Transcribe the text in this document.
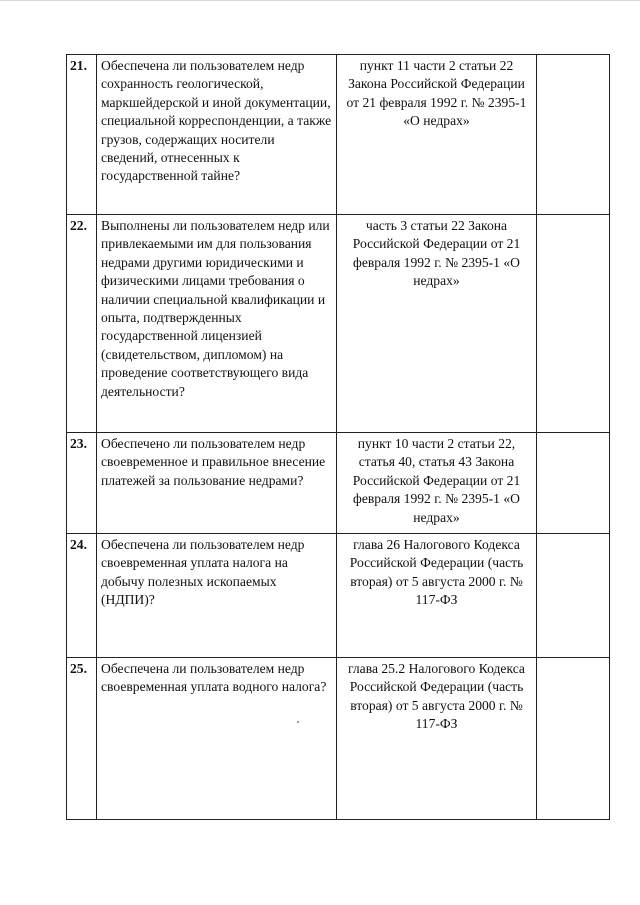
21.	Обеспечена ли пользователем недр сохранность геологической, маркшейдерской и иной документации, специальной корреспонденции, а также грузов, содержащих носители сведений, отнесенных к государственной тайне?	пункт 11 части 2 статьи 22 Закона Российской Федерации от 21 февраля 1992 г. № 2395-1 «О недрах»	
22.	Выполнены ли пользователем недр или привлекаемыми им для пользования недрами другими юридическими и физическими лицами требования о наличии специальной квалификации и опыта, подтвержденных государственной лицензией (свидетельством, дипломом) на проведение соответствующего вида деятельности?	часть 3 статьи 22 Закона Российской Федерации от 21 февраля 1992 г. № 2395-1 «О недрах»	
23.	Обеспечено ли пользователем недр своевременное и правильное внесение платежей за пользование недрами?	пункт 10 части 2 статьи 22, статья 40, статья 43 Закона Российской Федерации от 21 февраля 1992 г. № 2395-1 «О недрах»	
24.	Обеспечена ли пользователем недр своевременная уплата налога на добычу полезных ископаемых (НДПИ)?	глава 26 Налогового Кодекса Российской Федерации (часть вторая) от 5 августа 2000 г. № 117-ФЗ	
25.	Обеспечена ли пользователем недр своевременная уплата водного налога?	глава 25.2 Налогового Кодекса Российской Федерации (часть вторая) от 5 августа 2000 г. № 117-ФЗ	
